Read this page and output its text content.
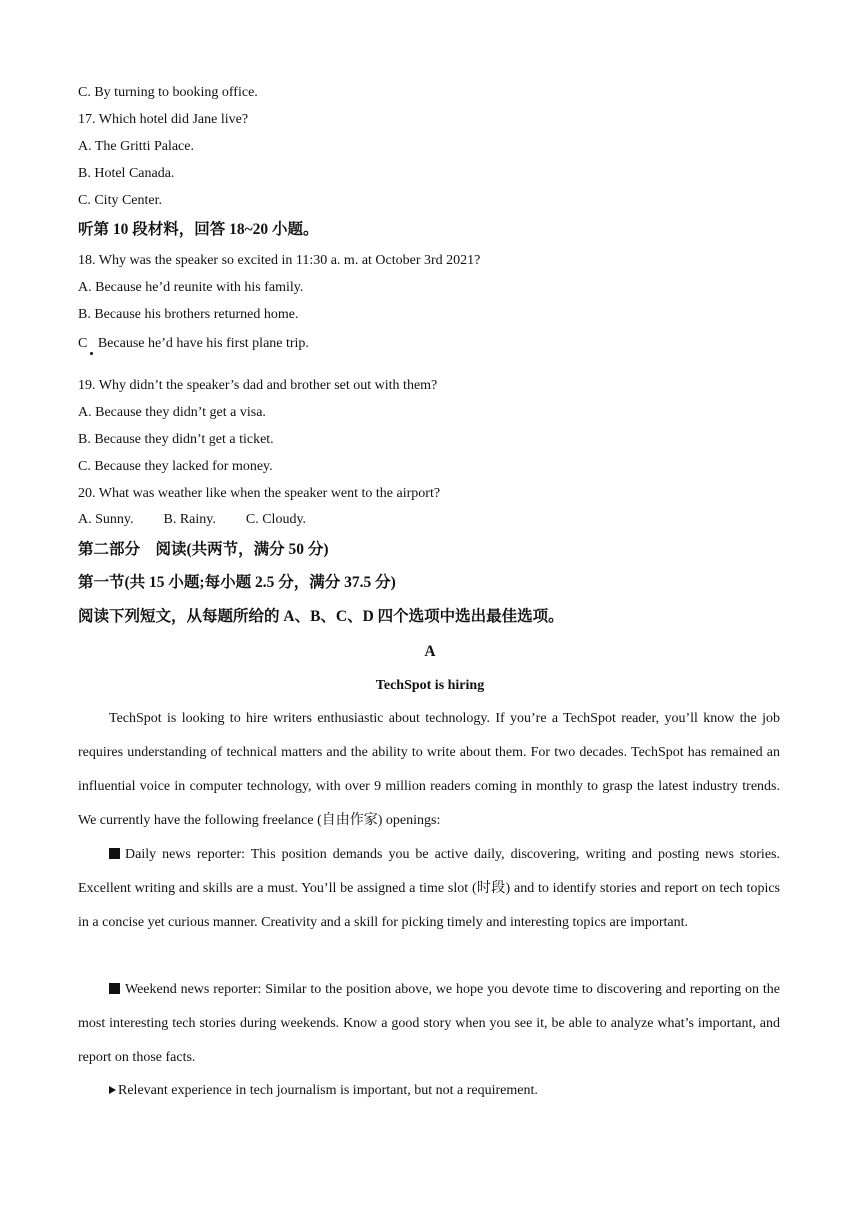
C. By turning to booking office.
17. Which hotel did Jane live?
A. The Gritti Palace.
B. Hotel Canada.
C. City Center.
听第 10 段材料，回答 18~20 小题。
18. Why was the speaker so excited in 11:30 a. m. at October 3rd 2021?
A. Because he’d reunite with his family.
B. Because his brothers returned home.
C   Because he’d have his first plane trip.
19. Why didn’t the speaker’s dad and brother set out with them?
A. Because they didn’t get a visa.
B. Because they didn’t get a ticket.
C. Because they lacked for money.
20. What was weather like when the speaker went to the airport?
A. Sunny. B. Rainy. C. Cloudy.
第二部分　阅读(共两节，满分 50 分)
第一节(共 15 小题;每小题 2.5 分，满分 37.5 分)
阅读下列短文，从每题所给的 A、B、C、D 四个选项中选出最佳选项。
A
TechSpot is hiring
TechSpot is looking to hire writers enthusiastic about technology. If you’re a TechSpot reader, you’ll know the job requires understanding of technical matters and the ability to write about them. For two decades. TechSpot has remained an influential voice in computer technology, with over 9 million readers coming in monthly to grasp the latest industry trends. We currently have the following freelance (自由作家) openings:
Daily news reporter: This position demands you be active daily, discovering, writing and posting news stories. Excellent writing and skills are a must. You’ll be assigned a time slot (时段) and to identify stories and report on tech topics in a concise yet curious manner. Creativity and a skill for picking timely and interesting topics are important.
Weekend news reporter: Similar to the position above, we hope you devote time to discovering and reporting on the most interesting tech stories during weekends. Know a good story when you see it, be able to analyze what’s important, and report on those facts.
Relevant experience in tech journalism is important, but not a requirement.
